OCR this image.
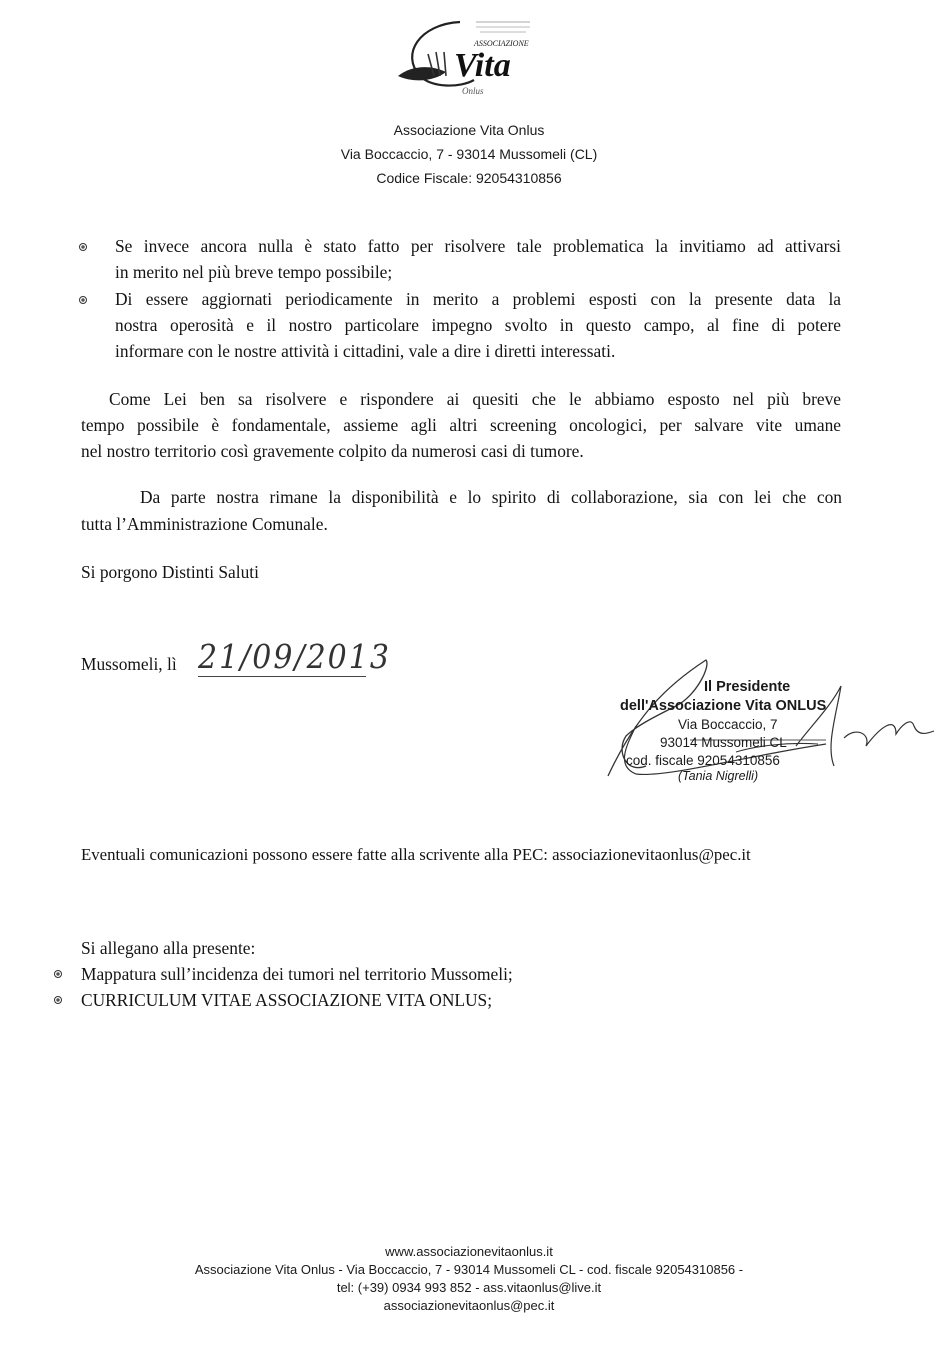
ASSOCIAZIONE
Vita
Onlus
Associazione Vita Onlus
Via Boccaccio, 7 - 93014 Mussomeli (CL)
Codice Fiscale: 92054310856
Se invece ancora nulla è stato fatto per risolvere tale problematica la invitiamo ad attivarsi
in merito nel più breve tempo possibile;
Di essere aggiornati periodicamente in merito a problemi esposti con la presente data la
nostra operosità e il nostro particolare impegno svolto in questo campo, al fine di potere
informare con le nostre attività i cittadini, vale a dire i diretti interessati.
Come Lei ben sa risolvere e rispondere ai quesiti che le abbiamo esposto nel più breve
tempo possibile è fondamentale, assieme agli altri screening oncologici, per salvare vite umane
nel nostro territorio così gravemente colpito da numerosi casi di tumore.
Da parte nostra rimane la disponibilità e lo spirito di collaborazione, sia con lei che con
tutta l’Amministrazione Comunale.
Si porgono Distinti Saluti
Mussomeli, lì 21/09/2013
Il Presidente
dell'Associazione Vita ONLUS
Via Boccaccio, 7
93014 Mussomeli CL
cod. fiscale 92054310856
(Tania Nigrelli)
Eventuali comunicazioni possono essere fatte alla scrivente alla PEC: associazionevitaonlus@pec.it
Si allegano alla presente:
Mappatura sull’incidenza dei tumori nel territorio Mussomeli;
CURRICULUM VITAE ASSOCIAZIONE VITA ONLUS;
www.associazionevitaonlus.it
Associazione Vita Onlus - Via Boccaccio, 7 - 93014 Mussomeli CL - cod. fiscale 92054310856 -
tel: (+39) 0934 993 852 - ass.vitaonlus@live.it
associazionevitaonlus@pec.it
